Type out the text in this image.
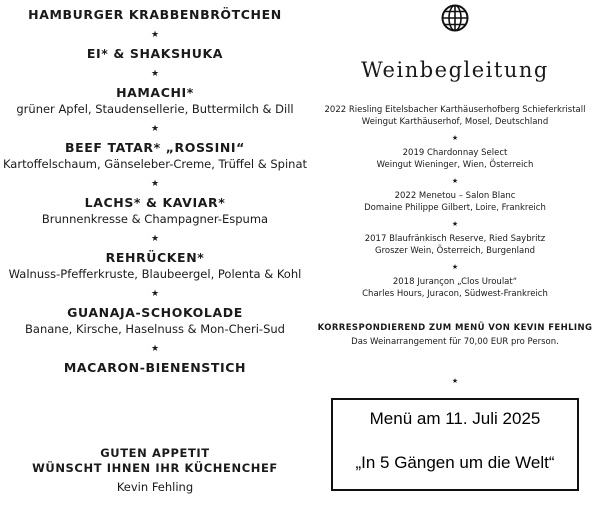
HAMBURGER KRABBENBRÖTCHEN
★
EI* & SHAKSHUKA
★
HAMACHI*
grüner Apfel, Staudensellerie, Buttermilch & Dill
★
BEEF TATAR* „ROSSINI“
Kartoffelschaum, Gänseleber-Creme, Trüffel & Spinat
★
LACHS* & KAVIAR*
Brunnenkresse & Champagner-Espuma
★
REHRÜCKEN*
Walnuss-Pfefferkruste, Blaubeergel, Polenta & Kohl
★
GUANAJA-SCHOKOLADE
Banane, Kirsche, Haselnuss & Mon-Cheri-Sud
★
MACARON-BIENENSTICH
GUTEN APPETIT
WÜNSCHT IHNEN IHR KÜCHENCHEF
Kevin Fehling
Weinbegleitung
2022 Riesling Eitelsbacher Karthäuserhofberg Schieferkristall
Weingut Karthäuserhof, Mosel, Deutschland
★
2019 Chardonnay Select
Weingut Wieninger, Wien, Österreich
★
2022 Menetou – Salon Blanc
Domaine Philippe Gilbert, Loire, Frankreich
★
2017 Blaufränkisch Reserve, Ried Saybritz
Groszer Wein, Österreich, Burgenland
★
2018 Jurançon „Clos Uroulat“
Charles Hours, Juracon, Südwest-Frankreich
KORRESPONDIEREND ZUM MENÜ VON KEVIN FEHLING
Das Weinarrangement für 70,00 EUR pro Person.
★
Menü am 11. Juli 2025
„In 5 Gängen um die Welt“
